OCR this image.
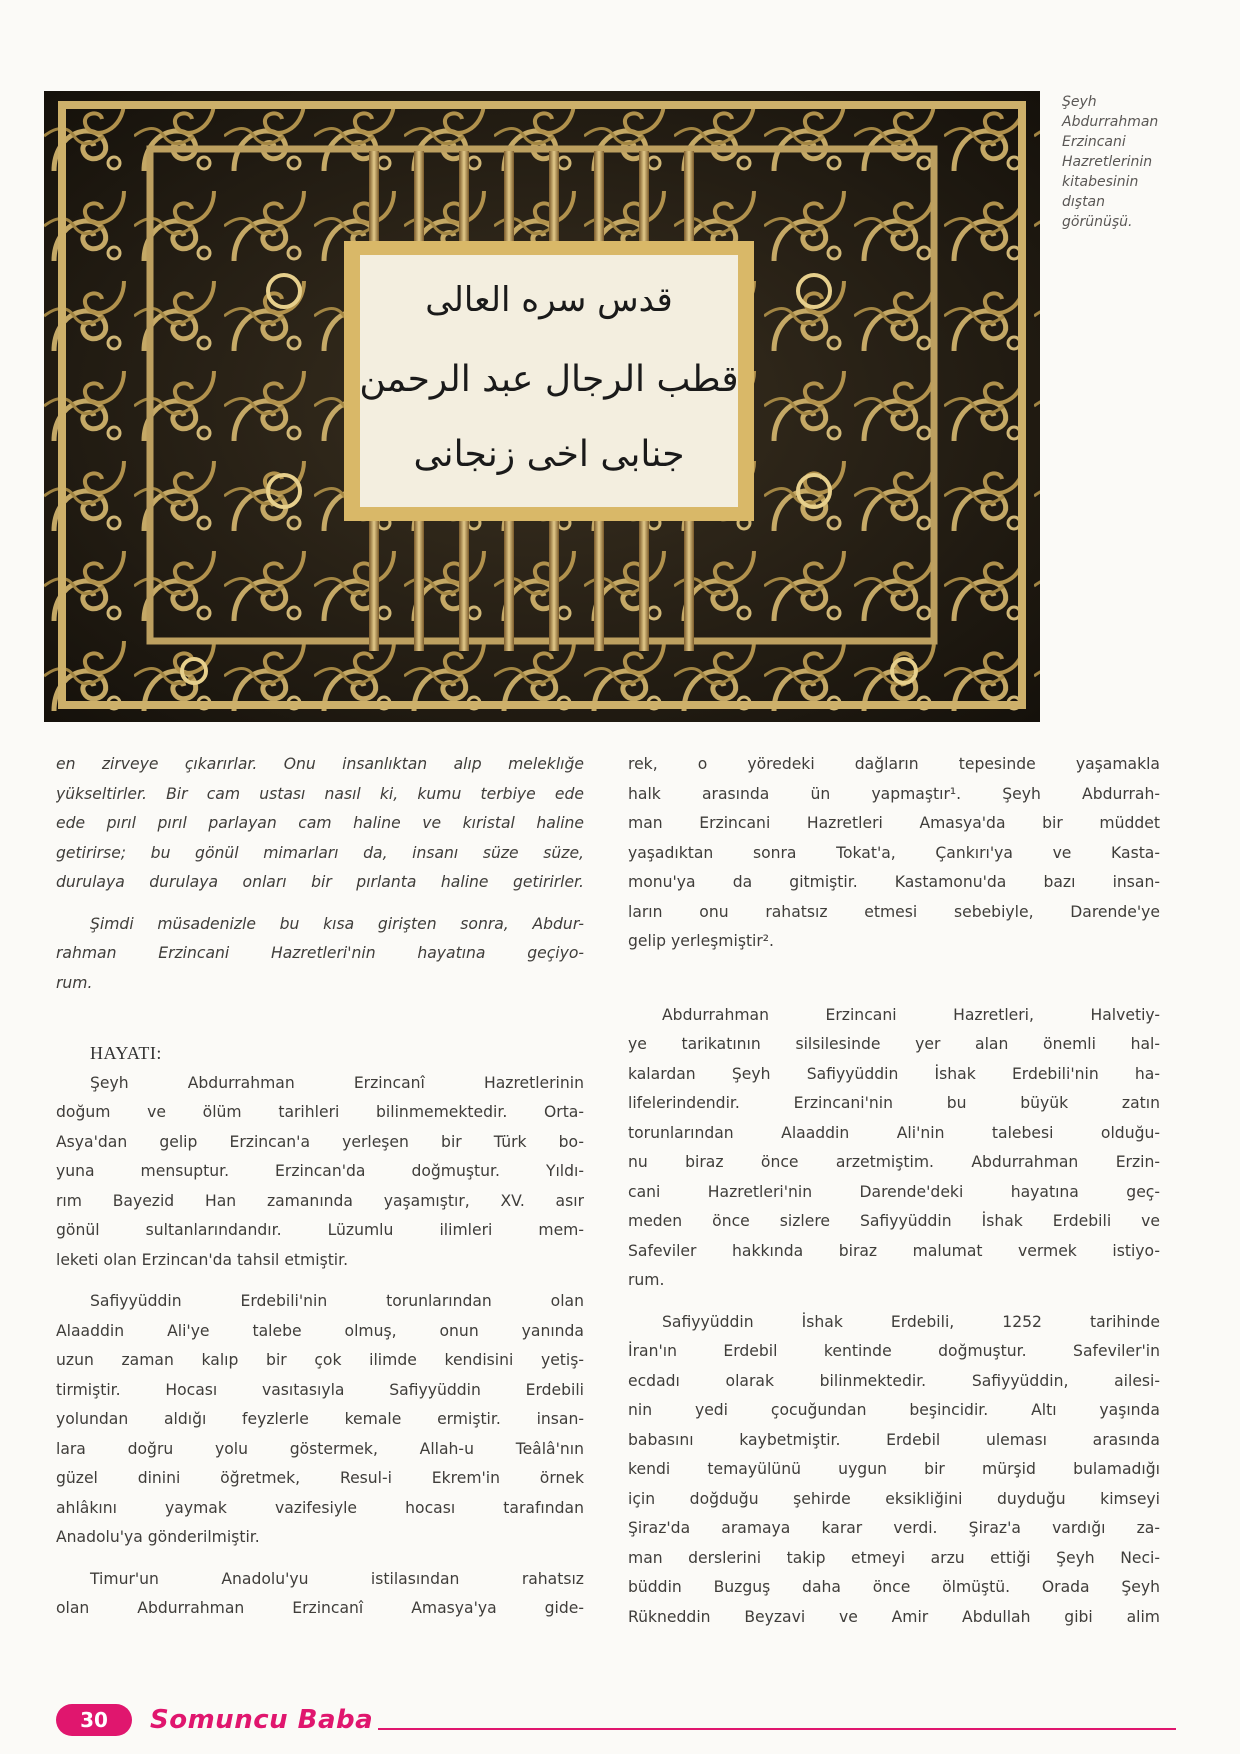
قدس سره العالی
قطب الرجال عبد الرحمن
جنابی اخی زنجانی
Şeyh
Abdurrahman
Erzincani
Hazretlerinin
kitabesinin
dıştan
görünüşü.
en zirveye çıkarırlar. Onu insanlıktan alıp meleklığe
yükseltirler. Bir cam ustası nasıl ki, kumu terbiye ede
ede pırıl pırıl parlayan cam haline ve kıristal haline
getirirse; bu gönül mimarları da, insanı süze süze,
durulaya durulaya onları bir pırlanta haline getirirler.
Şimdi müsadenizle bu kısa girişten sonra, Abdur-
rahman Erzincani Hazretleri'nin hayatına geçiyo-
rum.
HAYATI:
Şeyh Abdurrahman Erzincanî Hazretlerinin
doğum ve ölüm tarihleri bilinmemektedir. Orta-
Asya'dan gelip Erzincan'a yerleşen bir Türk bo-
yuna mensuptur. Erzincan'da doğmuştur. Yıldı-
rım Bayezid Han zamanında yaşamıştır, XV. asır
gönül sultanlarındandır. Lüzumlu ilimleri mem-
leketi olan Erzincan'da tahsil etmiştir.
Safiyyüddin Erdebili'nin torunlarından olan
Alaaddin Ali'ye talebe olmuş, onun yanında
uzun zaman kalıp bir çok ilimde kendisini yetiş-
tirmiştir. Hocası vasıtasıyla Safiyyüddin Erdebili
yolundan aldığı feyzlerle kemale ermiştir. insan-
lara doğru yolu göstermek, Allah-u Teâlâ'nın
güzel dinini öğretmek, Resul-i Ekrem'in örnek
ahlâkını yaymak vazifesiyle hocası tarafından
Anadolu'ya gönderilmiştir.
Timur'un Anadolu'yu istilasından rahatsız
olan Abdurrahman Erzincanî Amasya'ya gide-
rek, o yöredeki dağların tepesinde yaşamakla
halk arasında ün yapmaştır¹. Şeyh Abdurrah-
man Erzincani Hazretleri Amasya'da bir müddet
yaşadıktan sonra Tokat'a, Çankırı'ya ve Kasta-
monu'ya da gitmiştir. Kastamonu'da bazı insan-
ların onu rahatsız etmesi sebebiyle, Darende'ye
gelip yerleşmiştir².
Abdurrahman Erzincani Hazretleri, Halvetiy-
ye tarikatının silsilesinde yer alan önemli hal-
kalardan Şeyh Safiyyüddin İshak Erdebili'nin ha-
lifelerindendir. Erzincani'nin bu büyük zatın
torunlarından Alaaddin Ali'nin talebesi olduğu-
nu biraz önce arzetmiştim. Abdurrahman Erzin-
cani Hazretleri'nin Darende'deki hayatına geç-
meden önce sizlere Safiyyüddin İshak Erdebili ve
Safeviler hakkında biraz malumat vermek istiyo-
rum.
Safiyyüddin İshak Erdebili, 1252 tarihinde
İran'ın Erdebil kentinde doğmuştur. Safeviler'in
ecdadı olarak bilinmektedir. Safiyyüddin, ailesi-
nin yedi çocuğundan beşincidir. Altı yaşında
babasını kaybetmiştir. Erdebil uleması arasında
kendi temayülünü uygun bir mürşid bulamadığı
için doğduğu şehirde eksikliğini duyduğu kimseyi
Şiraz'da aramaya karar verdi. Şiraz'a vardığı za-
man derslerini takip etmeyi arzu ettiği Şeyh Neci-
büddin Buzguş daha önce ölmüştü. Orada Şeyh
Rükneddin Beyzavi ve Amir Abdullah gibi alim
30	Somuncu Baba
